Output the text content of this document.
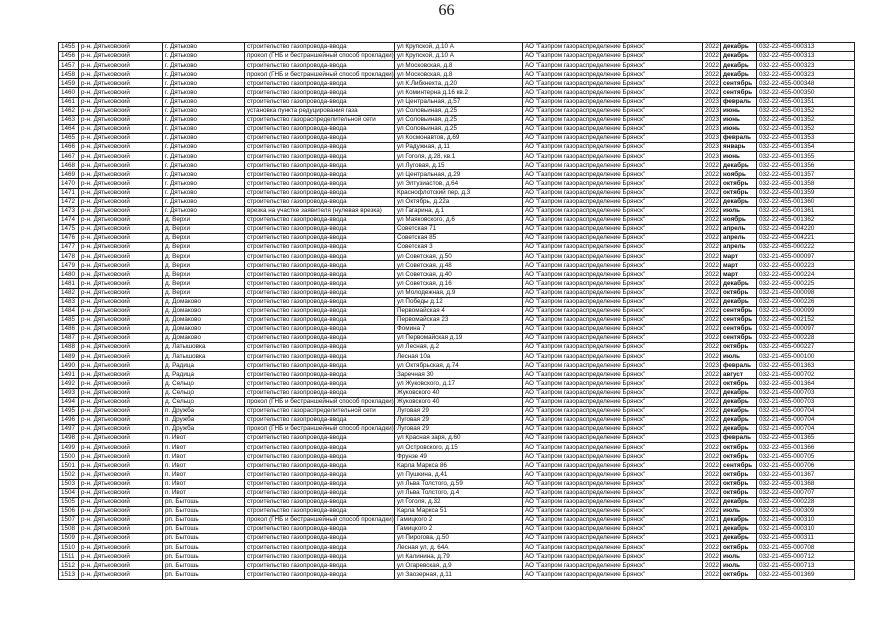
66
1455	р-н. Дятьковский	г. Дятьково	строительство газопровода-ввода	ул Крупской, д.10 А	АО "Газпром газораспределение Брянск"	2022	декабрь	032-22-455-000313
1456	р-н. Дятьковский	г. Дятьково	прокол (ГНБ и бестраншейный способ прокладки)	ул Крупской, д.10 А	АО "Газпром газораспределение Брянск"	2022	декабрь	032-22-455-000313
1457	р-н. Дятьковский	г. Дятьково	строительство газопровода-ввода	ул Московская, д.8	АО "Газпром газораспределение Брянск"	2022	декабрь	032-22-455-000323
1458	р-н. Дятьковский	г. Дятьково	прокол (ГНБ и бестраншейный способ прокладки)	ул Московская, д.8	АО "Газпром газораспределение Брянск"	2022	декабрь	032-22-455-000323
1459	р-н. Дятьковский	г. Дятьково	строительство газопровода-ввода	ул К.Либкнехта, д.20	АО "Газпром газораспределение Брянск"	2022	сентябрь	032-22-455-000348
1460	р-н. Дятьковский	г. Дятьково	строительство газопровода-ввода	ул Коминтерна д.16 кв.2	АО "Газпром газораспределение Брянск"	2022	сентябрь	032-22-455-000350
1461	р-н. Дятьковский	г. Дятьково	строительство газопровода-ввода	ул Центральная, д.57	АО "Газпром газораспределение Брянск"	2023	февраль	032-22-455-001351
1462	р-н. Дятьковский	г. Дятьково	установка пункта редуцирования газа	ул Соловьиная, д.25	АО "Газпром газораспределение Брянск"	2023	июнь	032-22-455-001352
1463	р-н. Дятьковский	г. Дятьково	строительство газораспределительной сети	ул Соловьиная, д.25	АО "Газпром газораспределение Брянск"	2023	июнь	032-22-455-001352
1464	р-н. Дятьковский	г. Дятьково	строительство газопровода-ввода	ул Соловьиная, д.25	АО "Газпром газораспределение Брянск"	2023	июнь	032-22-455-001352
1465	р-н. Дятьковский	г. Дятьково	строительство газопровода-ввода	ул Космонавтов, д.69	АО "Газпром газораспределение Брянск"	2023	февраль	032-22-455-001353
1466	р-н. Дятьковский	г. Дятьково	строительство газопровода-ввода	ул Радужная, д.11	АО "Газпром газораспределение Брянск"	2023	январь	032-22-455-001354
1467	р-н. Дятьковский	г. Дятьково	строительство газопровода-ввода	ул Гоголя, д.28, кв.1	АО "Газпром газораспределение Брянск"	2023	июнь	032-22-455-001355
1468	р-н. Дятьковский	г. Дятьково	строительство газопровода-ввода	ул Луговая, д.15	АО "Газпром газораспределение Брянск"	2022	декабрь	032-22-455-001356
1469	р-н. Дятьковский	г. Дятьково	строительство газопровода-ввода	ул Центральная, д.29	АО "Газпром газораспределение Брянск"	2022	ноябрь	032-22-455-001357
1470	р-н. Дятьковский	г. Дятьково	строительство газопровода-ввода	ул Элтузиастов, д.64	АО "Газпром газораспределение Брянск"	2022	октябрь	032-22-455-001358
1471	р-н. Дятьковский	г. Дятьково	строительство газопровода-ввода	Краснофлотский пер, д.3	АО "Газпром газораспределение Брянск"	2022	октябрь	032-22-455-001359
1472	р-н. Дятьковский	г. Дятьково	строительство газопровода-ввода	ул Октябрь, д.22а	АО "Газпром газораспределение Брянск"	2022	декабрь	032-22-455-001360
1473	р-н. Дятьковский	г. Дятьково	врезка на участке заявителя (нулевая врезка)	ул Гагарина, д.1	АО "Газпром газораспределение Брянск"	2022	июль	032-22-455-001361
1474	р-н. Дятьковский	д. Верхи	строительство газопровода-ввода	ул Маяковского, д.6	АО "Газпром газораспределение Брянск"	2022	ноябрь	032-22-455-001362
1475	р-н. Дятьковский	д. Верхи	строительство газопровода-ввода	Советская 71	АО "Газпром газораспределение Брянск"	2022	апрель	032-22-455-004220
1476	р-н. Дятьковский	д. Верхи	строительство газопровода-ввода	Советская 85	АО "Газпром газораспределение Брянск"	2022	апрель	032-22-455-004221
1477	р-н. Дятьковский	д. Верхи	строительство газопровода-ввода	Советская 3	АО "Газпром газораспределение Брянск"	2022	апрель	032-22-455-000222
1478	р-н. Дятьковский	д. Верхи	строительство газопровода-ввода	ул Советская, д.50	АО "Газпром газораспределение Брянск"	2022	март	032-21-455-000097
1479	р-н. Дятьковский	д. Верхи	строительство газопровода-ввода	ул Советская, д.48	АО "Газпром газораспределение Брянск"	2022	март	032-22-455-000223
1480	р-н. Дятьковский	д. Верхи	строительство газопровода-ввода	ул Советская, д.40	АО "Газпром газораспределение Брянск"	2022	март	032-22-455-000224
1481	р-н. Дятьковский	д. Верхи	строительство газопровода-ввода	ул Советская, д.16	АО "Газпром газораспределение Брянск"	2022	декабрь	032-22-455-000225
1482	р-н. Дятьковский	д. Верхи	строительство газопровода-ввода	ул Молодежная, д.9	АО "Газпром газораспределение Брянск"	2022	октябрь	032-21-455-000098
1483	р-н. Дятьковский	д. Домаково	строительство газопровода-ввода	ул Победы д.12	АО "Газпром газораспределение Брянск"	2022	декабрь	032-22-455-000226
1484	р-н. Дятьковский	д. Домаково	строительство газопровода-ввода	Первомайская 4	АО "Газпром газораспределение Брянск"	2022	сентябрь	032-21-455-000099
1485	р-н. Дятьковский	д. Домаково	строительство газопровода-ввода	Первомайская 23	АО "Газпром газораспределение Брянск"	2022	сентябрь	032-22-455-002152
1486	р-н. Дятьковский	д. Домаково	строительство газопровода-ввода	Фомина 7	АО "Газпром газораспределение Брянск"	2022	сентябрь	032-21-455-000097
1487	р-н. Дятьковский	д. Домаково	строительство газопровода-ввода	ул Первомайская д.19	АО "Газпром газораспределение Брянск"	2022	сентябрь	032-22-455-000228
1488	р-н. Дятьковский	д. Латышовка	строительство газопровода-ввода	ул Лесная, д.2	АО "Газпром газораспределение Брянск"	2022	октябрь	032-22-455-000227
1489	р-н. Дятьковский	д. Латышовка	строительство газопровода-ввода	Лесная 10а	АО "Газпром газораспределение Брянск"	2022	июль	032-21-455-000100
1490	р-н. Дятьковский	д. Радица	строительство газопровода-ввода	ул Октябрьская, д.74	АО "Газпром газораспределение Брянск"	2023	февраль	032-22-455-001363
1491	р-н. Дятьковский	д. Радица	строительство газопровода-ввода	Заречная 30	АО "Газпром газораспределение Брянск"	2022	август	032-21-455-000702
1492	р-н. Дятьковский	д. Сельцо	строительство газопровода-ввода	ул Жуковского, д.17	АО "Газпром газораспределение Брянск"	2022	октябрь	032-22-455-001364
1493	р-н. Дятьковский	д. Сельцо	строительство газопровода-ввода	Жуковского 40	АО "Газпром газораспределение Брянск"	2022	декабрь	032-21-455-000703
1494	р-н. Дятьковский	д. Сельцо	прокол (ГНБ и бестраншейный способ прокладки)	Жуковского 40	АО "Газпром газораспределение Брянск"	2022	декабрь	032-21-455-000703
1495	р-н. Дятьковский	п. Дружба	строительство газораспределительной сети	Луговая 29	АО "Газпром газораспределение Брянск"	2022	декабрь	032-21-455-000704
1496	р-н. Дятьковский	п. Дружба	строительство газопровода-ввода	Луговая 29	АО "Газпром газораспределение Брянск"	2022	декабрь	032-21-455-000704
1497	р-н. Дятьковский	п. Дружба	прокол (ГНБ и бестраншейный способ прокладки)	Луговая 29	АО "Газпром газораспределение Брянск"	2022	декабрь	032-21-455-000704
1498	р-н. Дятьковский	п. Ивот	строительство газопровода-ввода	ул Красная заря, д.60	АО "Газпром газораспределение Брянск"	2023	февраль	032-22-455-001365
1499	р-н. Дятьковский	п. Ивот	строительство газопровода-ввода	ул Островского, д.15	АО "Газпром газораспределение Брянск"	2022	октябрь	032-22-455-001366
1500	р-н. Дятьковский	п. Ивот	строительство газопровода-ввода	Фрунзе 49	АО "Газпром газораспределение Брянск"	2022	октябрь	032-21-455-000705
1501	р-н. Дятьковский	п. Ивот	строительство газопровода-ввода	Карла Маркса 86	АО "Газпром газораспределение Брянск"	2022	сентябрь	032-21-455-000706
1502	р-н. Дятьковский	п. Ивот	строительство газопровода-ввода	ул Пушкина, д.41	АО "Газпром газораспределение Брянск"	2022	октябрь	032-22-455-001367
1503	р-н. Дятьковский	п. Ивот	строительство газопровода-ввода	ул Льва Толстого, д.59	АО "Газпром газораспределение Брянск"	2022	октябрь	032-22-455-001368
1504	р-н. Дятьковский	п. Ивот	строительство газопровода-ввода	ул Льва Толстого, д.4	АО "Газпром газораспределение Брянск"	2022	октябрь	032-22-455-000707
1505	р-н. Дятьковский	рп. Бытошь	строительство газопровода-ввода	ул Гоголя, д.32	АО "Газпром газораспределение Брянск"	2022	декабрь	032-22-455-000228
1506	р-н. Дятьковский	рп. Бытошь	строительство газопровода-ввода	Карла Маркса 51	АО "Газпром газораспределение Брянск"	2022	июль	032-21-455-000309
1507	р-н. Дятьковский	рп. Бытошь	прокол (ГНБ и бестраншейный способ прокладки)	Гамицкого 2	АО "Газпром газораспределение Брянск"	2021	декабрь	032-21-455-000310
1508	р-н. Дятьковский	рп. Бытошь	строительство газопровода-ввода	Гамицкого 2	АО "Газпром газораспределение Брянск"	2021	декабрь	032-21-455-000310
1509	р-н. Дятьковский	рп. Бытошь	строительство газопровода-ввода	ул Пирогова, д.50	АО "Газпром газораспределение Брянск"	2021	декабрь	032-21-455-000311
1510	р-н. Дятьковский	рп. Бытошь	строительство газопровода-ввода	Лесная ул, д. 64А	АО "Газпром газораспределение Брянск"	2022	октябрь	032-21-455-000708
1511	р-н. Дятьковский	рп. Бытошь	строительство газопровода-ввода	ул Калинина, д.79	АО "Газпром газораспределение Брянск"	2022	июль	032-21-455-000712
1512	р-н. Дятьковский	рп. Бытошь	строительство газопровода-ввода	ул Огаревская, д.9	АО "Газпром газораспределение Брянск"	2022	июль	032-21-455-000713
1513	р-н. Дятьковский	рп. Бытошь	строительство газопровода-ввода	ул Заозерная, д.11	АО "Газпром газораспределение Брянск"	2022	октябрь	032-22-455-001369
